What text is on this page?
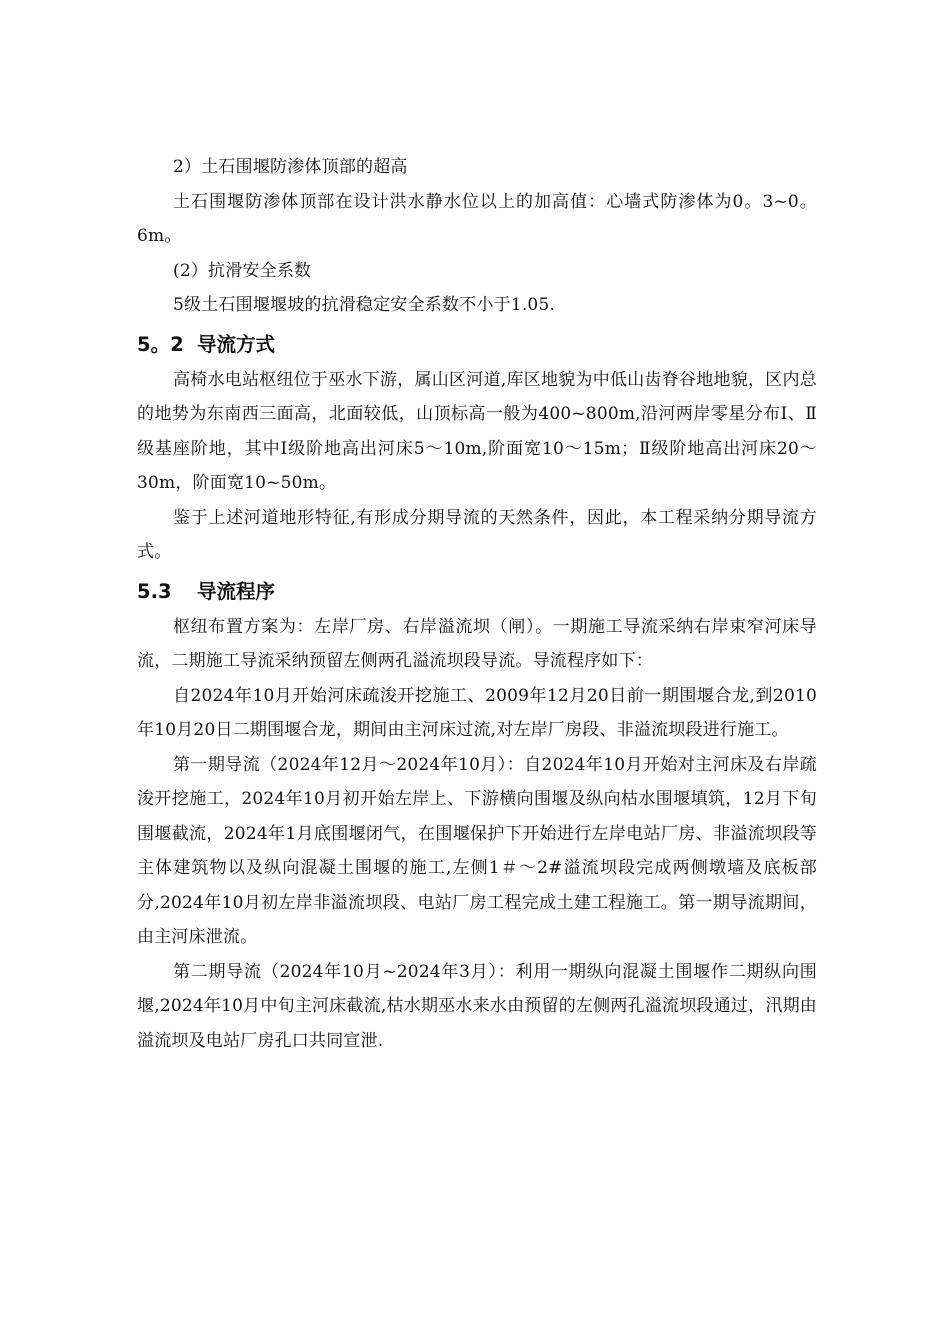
2）土石围堰防渗体顶部的超高

土石围堰防渗体顶部在设计洪水静水位以上的加高值：心墙式防渗体为0。3~0。6m。

(2）抗滑安全系数

5级土石围堰堰坡的抗滑稳定安全系数不小于1.05.

5。2 导流方式

高椅水电站枢纽位于巫水下游，属山区河道,库区地貌为中低山齿脊谷地地貌，区内总的地势为东南西三面高，北面较低，山顶标高一般为400~800m,沿河两岸零星分布Ⅰ、Ⅱ级基座阶地，其中Ⅰ级阶地高出河床5～10m,阶面宽10～15m；Ⅱ级阶地高出河床20～30m，阶面宽10~50m。

鉴于上述河道地形特征,有形成分期导流的天然条件，因此，本工程采纳分期导流方式。

5.3 导流程序

枢纽布置方案为：左岸厂房、右岸溢流坝（闸）。一期施工导流采纳右岸束窄河床导流，二期施工导流采纳预留左侧两孔溢流坝段导流。导流程序如下：

自2024年10月开始河床疏浚开挖施工、2009年12月20日前一期围堰合龙,到2010年10月20日二期围堰合龙，期间由主河床过流,对左岸厂房段、非溢流坝段进行施工。

第一期导流（2024年12月～2024年10月）：自2024年10月开始对主河床及右岸疏浚开挖施工，2024年10月初开始左岸上、下游横向围堰及纵向枯水围堰填筑，12月下旬围堰截流，2024年1月底围堰闭气，在围堰保护下开始进行左岸电站厂房、非溢流坝段等主体建筑物以及纵向混凝土围堰的施工,左侧1＃～2#溢流坝段完成两侧墩墙及底板部分,2024年10月初左岸非溢流坝段、电站厂房工程完成土建工程施工。第一期导流期间，由主河床泄流。

第二期导流（2024年10月~2024年3月）：利用一期纵向混凝土围堰作二期纵向围堰,2024年10月中旬主河床截流,枯水期巫水来水由预留的左侧两孔溢流坝段通过，汛期由溢流坝及电站厂房孔口共同宣泄.
